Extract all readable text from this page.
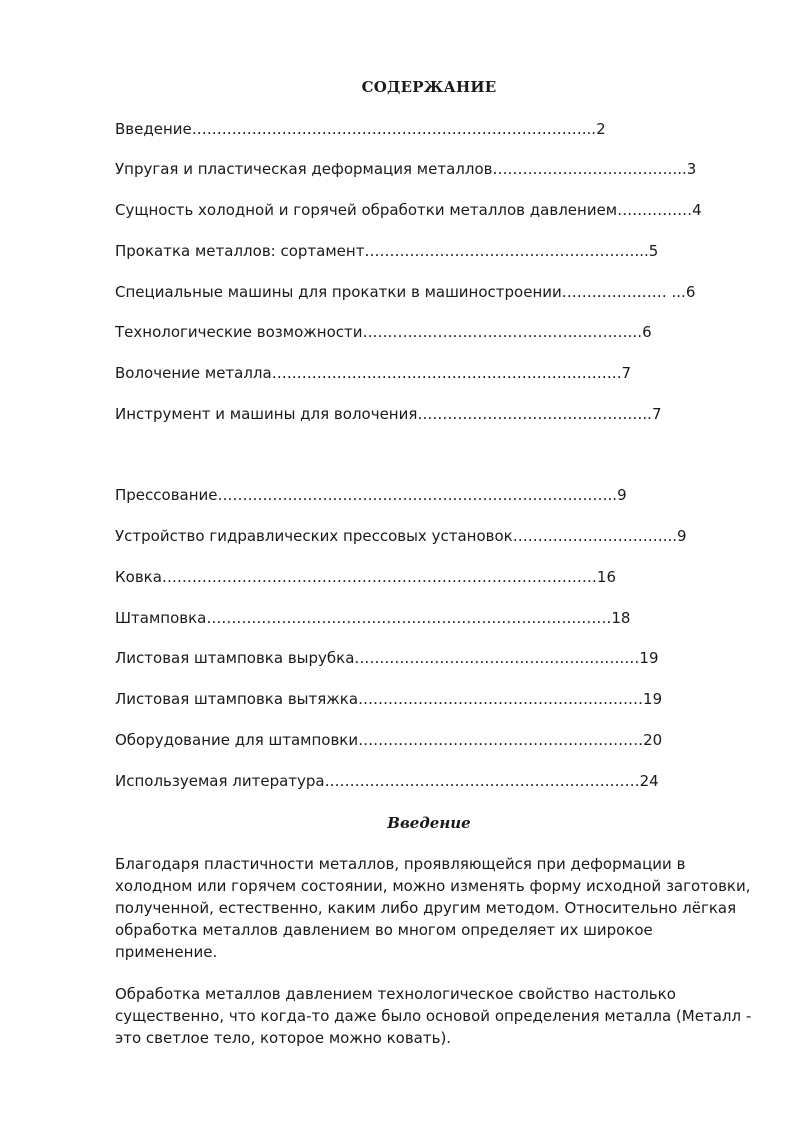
СОДЕРЖАНИЕ
Введение……………………………………………………………………...2
Упругая и пластическая деформация металлов………………………………...3
Сущность холодной и горячей обработки металлов давлением……………4
Прокатка металлов: сортамент………………………………………………...5
Специальные машины для прокатки в машиностроении………………… ...6
Технологические возможности………………………………………………..6
Волочение металла…………………………………………………………….7
Инструмент и машины для волочения………………………………………..7
Прессование……………………………………………………………………..9
Устройство гидравлических прессовых установок…………………………...9
Ковка……………………………………………………………………………16
Штамповка………………………………………………………………………18
Листовая штамповка вырубка…………………………………………………19
Листовая штамповка вытяжка…………………………………………………19
Оборудование для штамповки…………………………………………………20
Используемая литература………………………………………………………24
Введение

Благодаря пластичности металлов, проявляющейся при деформации в холодном или горячем состоянии, можно изменять форму исходной заготовки, полученной, естественно, каким либо другим методом. Относительно лёгкая обработка металлов давлением во многом определяет их широкое применение.

Обработка металлов давлением технологическое свойство настолько существенно, что когда-то даже было основой определения металла (Металл - это светлое тело, которое можно ковать).
